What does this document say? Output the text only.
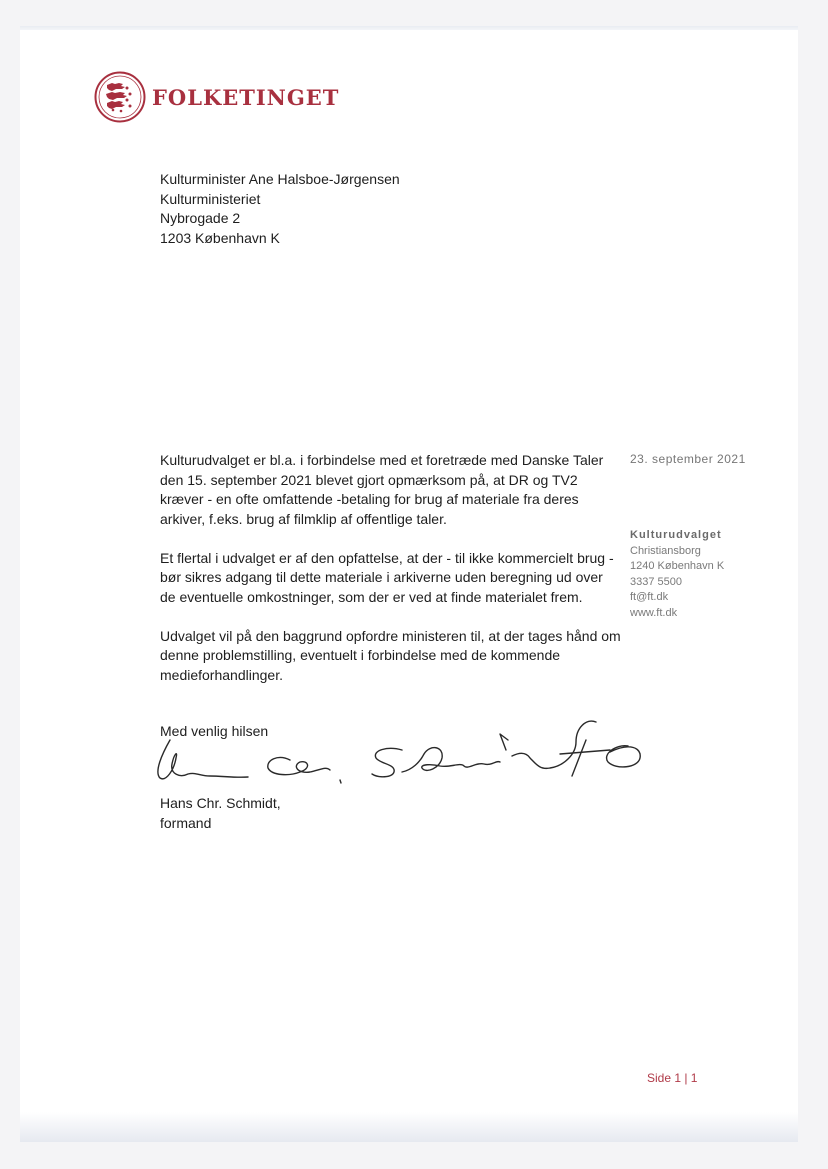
FOLKETINGET
Kulturminister Ane Halsboe-Jørgensen
Kulturministeriet
Nybrogade 2
1203 København K
23. september 2021
Kulturudvalget
Christiansborg
1240 København K
3337 5500
ft@ft.dk
www.ft.dk

Kulturudvalget er bl.a. i forbindelse med et foretræde med Danske Taler den 15. september 2021 blevet gjort opmærksom på, at DR og TV2 kræver - en ofte omfattende -betaling for brug af materiale fra deres arkiver, f.eks. brug af filmklip af offentlige taler.

Et flertal i udvalget er af den opfattelse, at der - til ikke kommercielt brug - bør sikres adgang til dette materiale i arkiverne uden beregning ud over de eventuelle omkostninger, som der er ved at finde materialet frem.

Udvalget vil på den baggrund opfordre ministeren til, at der tages hånd om denne problemstilling, eventuelt i forbindelse med de kommende medieforhandlinger.

Med venlig hilsen
Hans Chr. Schmidt,
formand
Side 1 | 1
